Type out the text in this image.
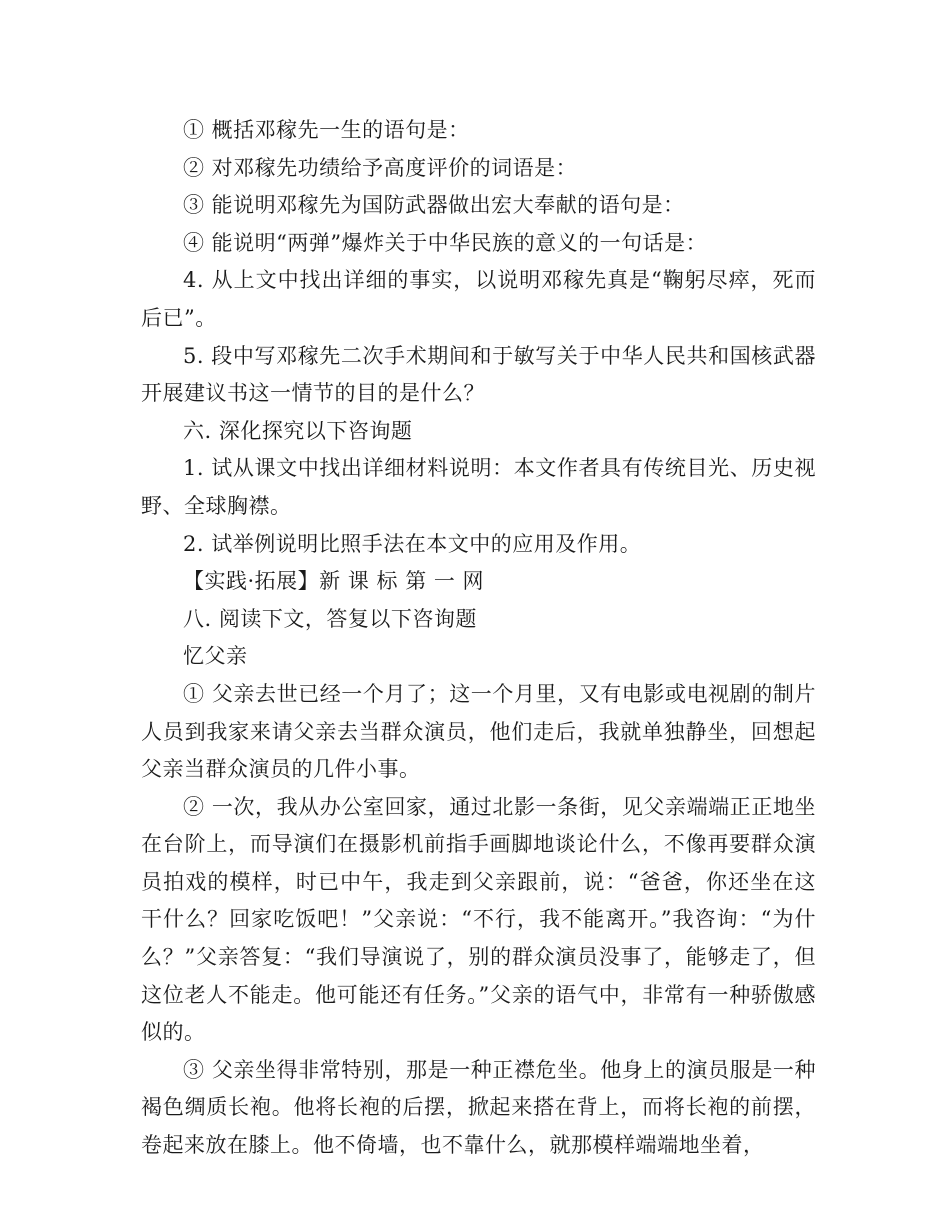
① 概括邓稼先一生的语句是：

② 对邓稼先功绩给予高度评价的词语是：

③ 能说明邓稼先为国防武器做出宏大奉献的语句是：

④ 能说明“两弹”爆炸关于中华民族的意义的一句话是：

4. 从上文中找出详细的事实，以说明邓稼先真是“鞠躬尽瘁，死而后已”。

5. 段中写邓稼先二次手术期间和于敏写关于中华人民共和国核武器开展建议书这一情节的目的是什么？

六. 深化探究以下咨询题

1. 试从课文中找出详细材料说明：本文作者具有传统目光、历史视野、全球胸襟。

2. 试举例说明比照手法在本文中的应用及作用。

【实践·拓展】新 课 标 第 一 网

八. 阅读下文，答复以下咨询题

忆父亲

① 父亲去世已经一个月了；这一个月里，又有电影或电视剧的制片人员到我家来请父亲去当群众演员，他们走后，我就单独静坐，回想起父亲当群众演员的几件小事。

② 一次，我从办公室回家，通过北影一条街，见父亲端端正正地坐在台阶上，而导演们在摄影机前指手画脚地谈论什么，不像再要群众演员拍戏的模样，时已中午，我走到父亲跟前，说：“爸爸，你还坐在这干什么？回家吃饭吧！”父亲说：“不行，我不能离开。”我咨询：“为什么？”父亲答复：“我们导演说了，别的群众演员没事了，能够走了，但这位老人不能走。他可能还有任务。”父亲的语气中，非常有一种骄傲感似的。

③ 父亲坐得非常特别，那是一种正襟危坐。他身上的演员服是一种褐色绸质长袍。他将长袍的后摆，掀起来搭在背上，而将长袍的前摆，卷起来放在膝上。他不倚墙，也不靠什么，就那模样端端地坐着，
